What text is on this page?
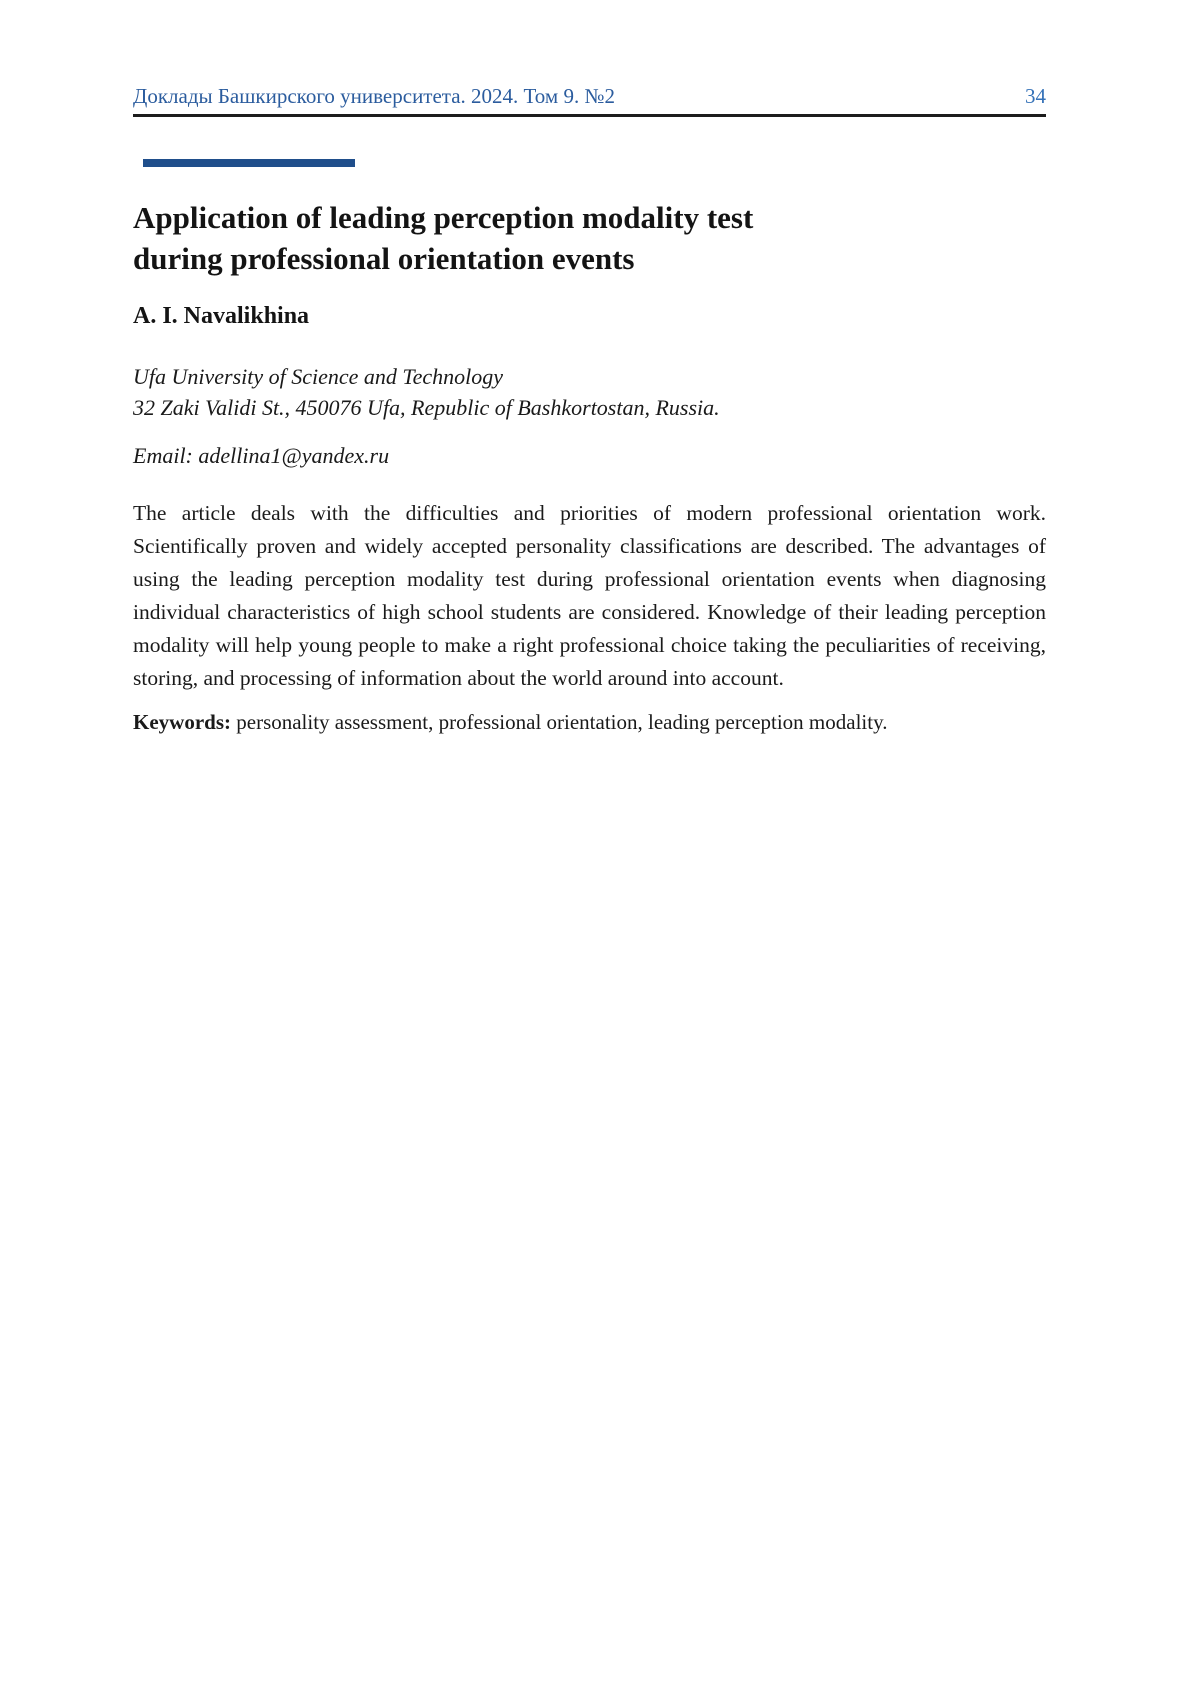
Доклады Башкирского университета. 2024. Том 9. №2	34
Application of leading perception modality test
during professional orientation events
A. I. Navalikhina
Ufa University of Science and Technology
32 Zaki Validi St., 450076 Ufa, Republic of Bashkortostan, Russia.
Email: adellina1@yandex.ru

The article deals with the difficulties and priorities of modern professional orientation work. Scientifically proven and widely accepted personality classifications are described. The advantages of using the leading perception modality test during professional orientation events when diagnosing individual characteristics of high school students are considered. Knowledge of their leading perception modality will help young people to make a right professional choice taking the peculiarities of receiving, storing, and processing of information about the world around into account.

Keywords: personality assessment, professional orientation, leading perception modality.
